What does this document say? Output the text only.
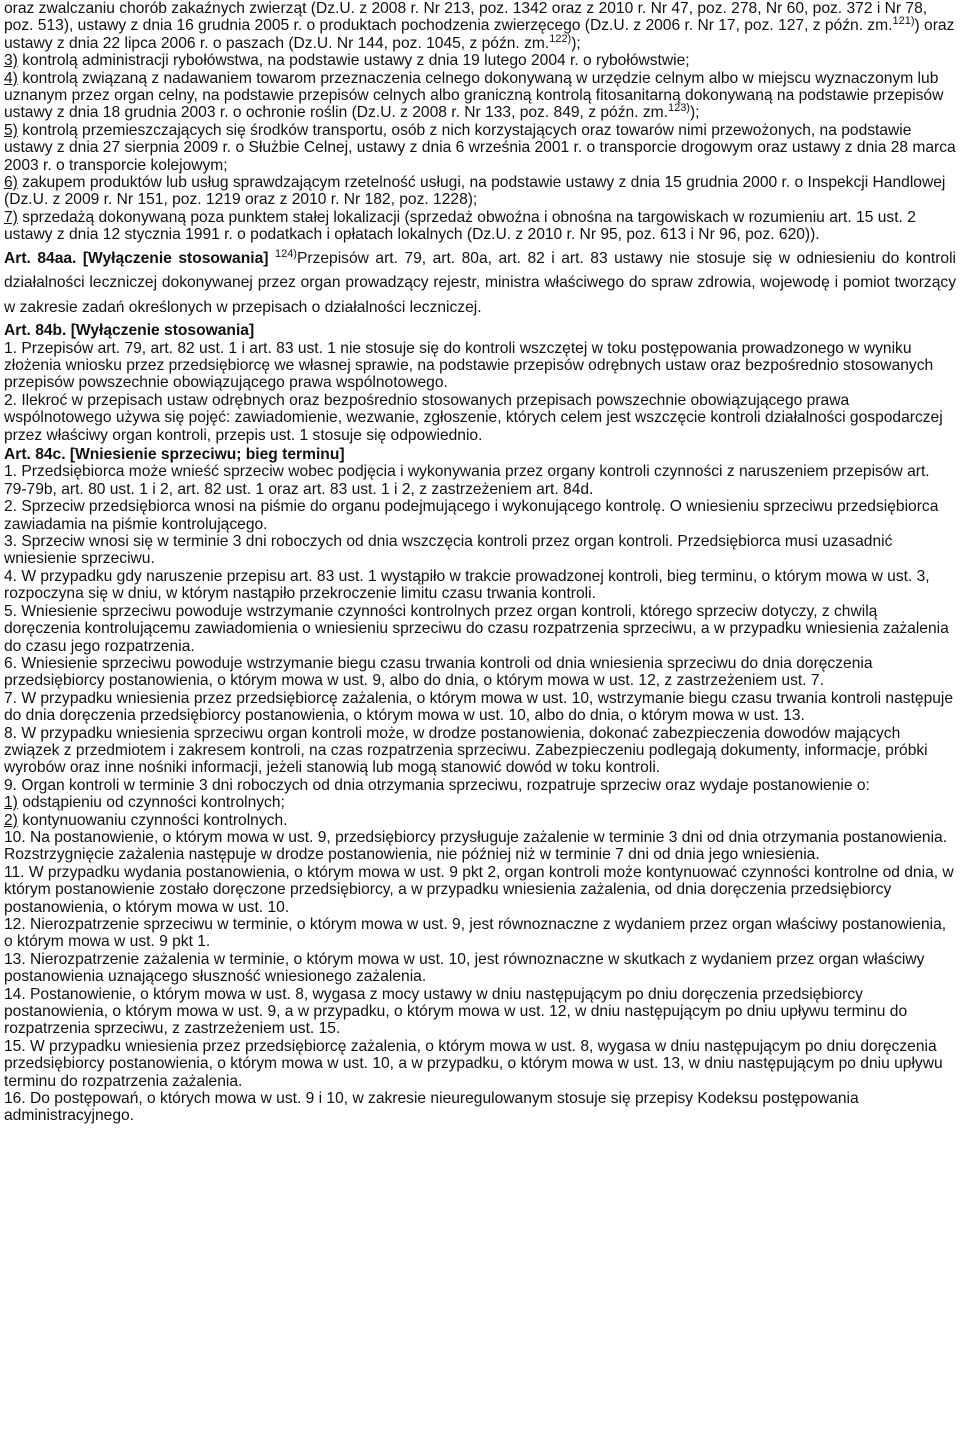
oraz zwalczaniu chorób zakaźnych zwierząt (Dz.U. z 2008 r. Nr 213, poz. 1342 oraz z 2010 r. Nr 47, poz. 278, Nr 60, poz. 372 i Nr 78, poz. 513), ustawy z dnia 16 grudnia 2005 r. o produktach pochodzenia zwierzęcego (Dz.U. z 2006 r. Nr 17, poz. 127, z późn. zm.$^{121)}$) oraz ustawy z dnia 22 lipca 2006 r. o paszach (Dz.U. Nr 144, poz. 1045, z późn. zm.$^{122)}$);

3) kontrolą administracji rybołówstwa, na podstawie ustawy z dnia 19 lutego 2004 r. o rybołówstwie;

4) kontrolą związaną z nadawaniem towarom przeznaczenia celnego dokonywaną w urzędzie celnym albo w miejscu wyznaczonym lub uznanym przez organ celny, na podstawie przepisów celnych albo graniczną kontrolą fitosanitarną dokonywaną na podstawie przepisów ustawy z dnia 18 grudnia 2003 r. o ochronie roślin (Dz.U. z 2008 r. Nr 133, poz. 849, z późn. zm.$^{123)}$);

5) kontrolą przemieszczających się środków transportu, osób z nich korzystających oraz towarów nimi przewożonych, na podstawie ustawy z dnia 27 sierpnia 2009 r. o Służbie Celnej, ustawy z dnia 6 września 2001 r. o transporcie drogowym oraz ustawy z dnia 28 marca 2003 r. o transporcie kolejowym;

6) zakupem produktów lub usług sprawdzającym rzetelność usługi, na podstawie ustawy z dnia 15 grudnia 2000 r. o Inspekcji Handlowej (Dz.U. z 2009 r. Nr 151, poz. 1219 oraz z 2010 r. Nr 182, poz. 1228);

7) sprzedażą dokonywaną poza punktem stałej lokalizacji (sprzedaż obwoźna i obnośna na targowiskach w rozumieniu art. 15 ust. 2 ustawy z dnia 12 stycznia 1991 r. o podatkach i opłatach lokalnych (Dz.U. z 2010 r. Nr 95, poz. 613 i Nr 96, poz. 620)).

Art. 84aa. [Wyłączenie stosowania] $^{124)}$Przepisów art. 79, art. 80a, art. 82 i art. 83 ustawy nie stosuje się w odniesieniu do kontroli działalności leczniczej dokonywanej przez organ prowadzący rejestr, ministra właściwego do spraw zdrowia, wojewodę i pomiot tworzący w zakresie zadań określonych w przepisach o działalności leczniczej.

Art. 84b. [Wyłączenie stosowania]

1. Przepisów art. 79, art. 82 ust. 1 i art. 83 ust. 1 nie stosuje się do kontroli wszczętej w toku postępowania prowadzonego w wyniku złożenia wniosku przez przedsiębiorcę we własnej sprawie, na podstawie przepisów odrębnych ustaw oraz bezpośrednio stosowanych przepisów powszechnie obowiązującego prawa wspólnotowego.

2. Ilekroć w przepisach ustaw odrębnych oraz bezpośrednio stosowanych przepisach powszechnie obowiązującego prawa wspólnotowego używa się pojęć: zawiadomienie, wezwanie, zgłoszenie, których celem jest wszczęcie kontroli działalności gospodarczej przez właściwy organ kontroli, przepis ust. 1 stosuje się odpowiednio.

Art. 84c. [Wniesienie sprzeciwu; bieg terminu]

1. Przedsiębiorca może wnieść sprzeciw wobec podjęcia i wykonywania przez organy kontroli czynności z naruszeniem przepisów art. 79-79b, art. 80 ust. 1 i 2, art. 82 ust. 1 oraz art. 83 ust. 1 i 2, z zastrzeżeniem art. 84d.

2. Sprzeciw przedsiębiorca wnosi na piśmie do organu podejmującego i wykonującego kontrolę. O wniesieniu sprzeciwu przedsiębiorca zawiadamia na piśmie kontrolującego.

3. Sprzeciw wnosi się w terminie 3 dni roboczych od dnia wszczęcia kontroli przez organ kontroli. Przedsiębiorca musi uzasadnić wniesienie sprzeciwu.

4. W przypadku gdy naruszenie przepisu art. 83 ust. 1 wystąpiło w trakcie prowadzonej kontroli, bieg terminu, o którym mowa w ust. 3, rozpoczyna się w dniu, w którym nastąpiło przekroczenie limitu czasu trwania kontroli.

5. Wniesienie sprzeciwu powoduje wstrzymanie czynności kontrolnych przez organ kontroli, którego sprzeciw dotyczy, z chwilą doręczenia kontrolującemu zawiadomienia o wniesieniu sprzeciwu do czasu rozpatrzenia sprzeciwu, a w przypadku wniesienia zażalenia do czasu jego rozpatrzenia.

6. Wniesienie sprzeciwu powoduje wstrzymanie biegu czasu trwania kontroli od dnia wniesienia sprzeciwu do dnia doręczenia przedsiębiorcy postanowienia, o którym mowa w ust. 9, albo do dnia, o którym mowa w ust. 12, z zastrzeżeniem ust. 7.

7. W przypadku wniesienia przez przedsiębiorcę zażalenia, o którym mowa w ust. 10, wstrzymanie biegu czasu trwania kontroli następuje do dnia doręczenia przedsiębiorcy postanowienia, o którym mowa w ust. 10, albo do dnia, o którym mowa w ust. 13.

8. W przypadku wniesienia sprzeciwu organ kontroli może, w drodze postanowienia, dokonać zabezpieczenia dowodów mających związek z przedmiotem i zakresem kontroli, na czas rozpatrzenia sprzeciwu. Zabezpieczeniu podlegają dokumenty, informacje, próbki wyrobów oraz inne nośniki informacji, jeżeli stanowią lub mogą stanowić dowód w toku kontroli.

9. Organ kontroli w terminie 3 dni roboczych od dnia otrzymania sprzeciwu, rozpatruje sprzeciw oraz wydaje postanowienie o:

1) odstąpieniu od czynności kontrolnych;

2) kontynuowaniu czynności kontrolnych.

10. Na postanowienie, o którym mowa w ust. 9, przedsiębiorcy przysługuje zażalenie w terminie 3 dni od dnia otrzymania postanowienia. Rozstrzygnięcie zażalenia następuje w drodze postanowienia, nie później niż w terminie 7 dni od dnia jego wniesienia.

11. W przypadku wydania postanowienia, o którym mowa w ust. 9 pkt 2, organ kontroli może kontynuować czynności kontrolne od dnia, w którym postanowienie zostało doręczone przedsiębiorcy, a w przypadku wniesienia zażalenia, od dnia doręczenia przedsiębiorcy postanowienia, o którym mowa w ust. 10.

12. Nierozpatrzenie sprzeciwu w terminie, o którym mowa w ust. 9, jest równoznaczne z wydaniem przez organ właściwy postanowienia, o którym mowa w ust. 9 pkt 1.

13. Nierozpatrzenie zażalenia w terminie, o którym mowa w ust. 10, jest równoznaczne w skutkach z wydaniem przez organ właściwy postanowienia uznającego słuszność wniesionego zażalenia.

14. Postanowienie, o którym mowa w ust. 8, wygasa z mocy ustawy w dniu następującym po dniu doręczenia przedsiębiorcy postanowienia, o którym mowa w ust. 9, a w przypadku, o którym mowa w ust. 12, w dniu następującym po dniu upływu terminu do rozpatrzenia sprzeciwu, z zastrzeżeniem ust. 15.

15. W przypadku wniesienia przez przedsiębiorcę zażalenia, o którym mowa w ust. 8, wygasa w dniu następującym po dniu doręczenia przedsiębiorcy postanowienia, o którym mowa w ust. 10, a w przypadku, o którym mowa w ust. 13, w dniu następującym po dniu upływu terminu do rozpatrzenia zażalenia.

16. Do postępowań, o których mowa w ust. 9 i 10, w zakresie nieuregulowanym stosuje się przepisy Kodeksu postępowania administracyjnego.
